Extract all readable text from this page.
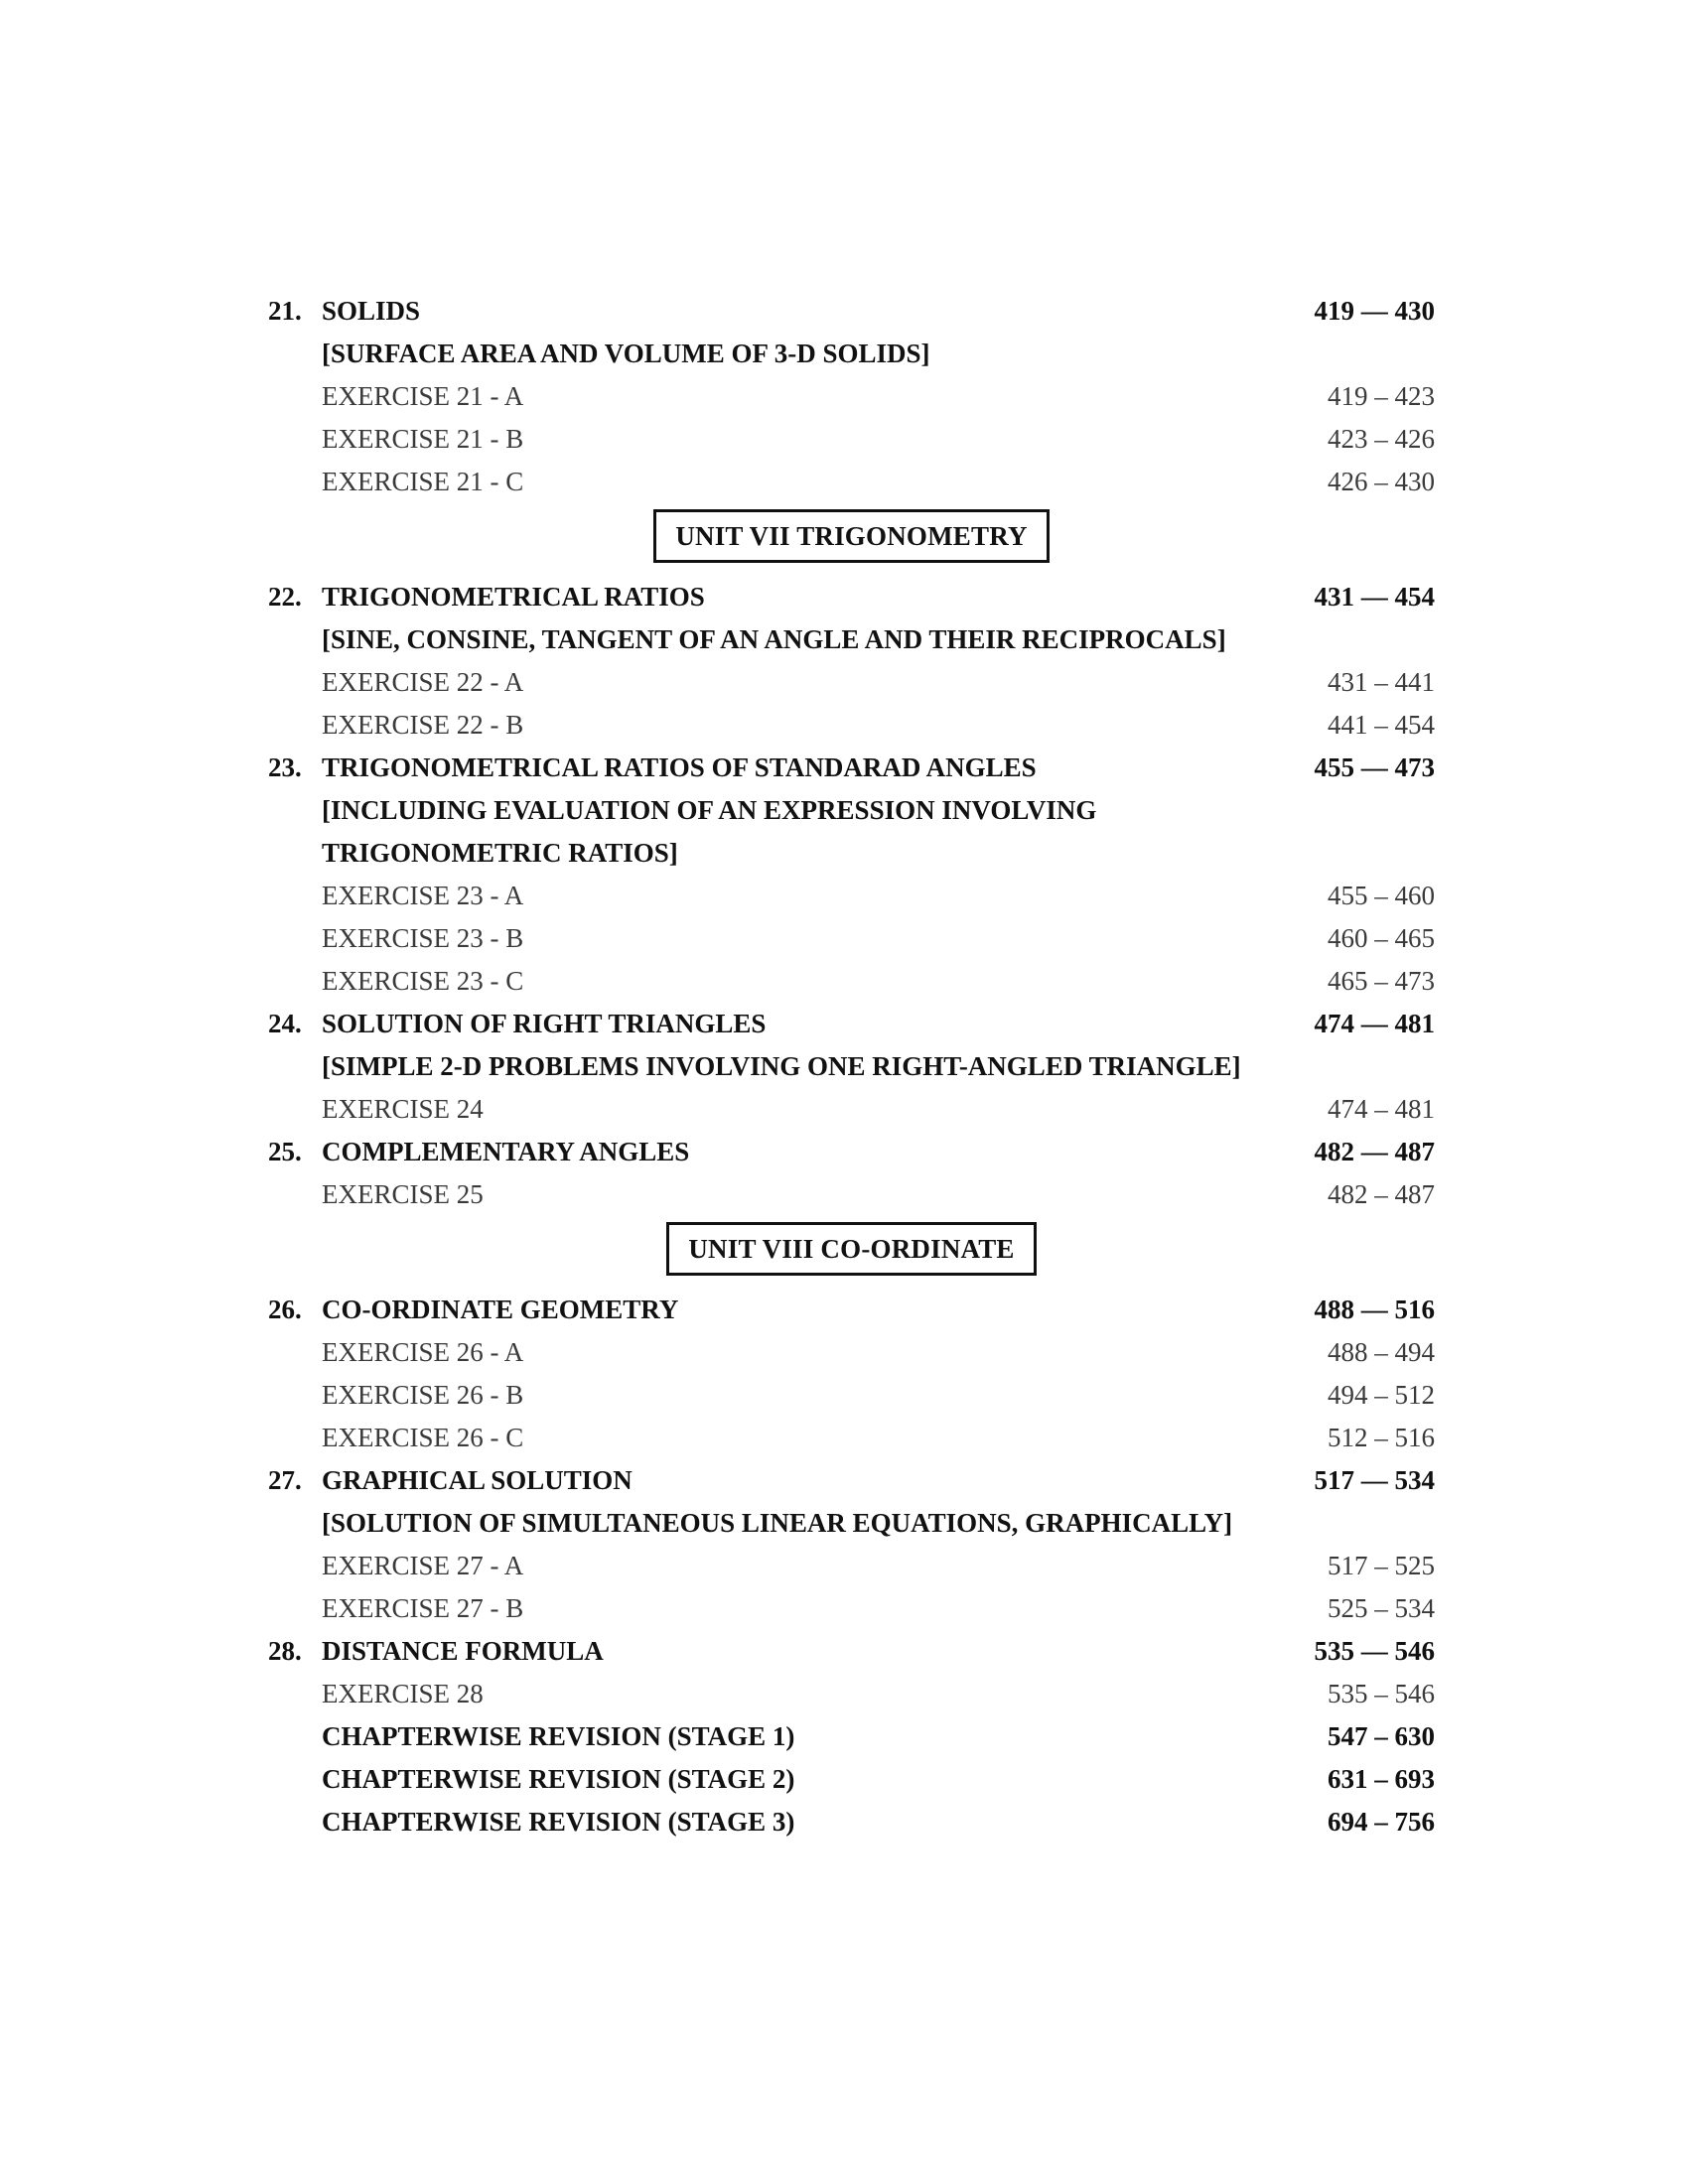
21. SOLIDS	419 — 430
[SURFACE AREA AND VOLUME OF 3-D SOLIDS]
EXERCISE 21 - A	419 – 423
EXERCISE 21 - B	423 – 426
EXERCISE 21 - C	426 – 430
UNIT VII TRIGONOMETRY
22. TRIGONOMETRICAL RATIOS	431 — 454
[SINE, CONSINE, TANGENT OF AN ANGLE AND THEIR RECIPROCALS]
EXERCISE 22 - A	431 – 441
EXERCISE 22 - B	441 – 454
23. TRIGONOMETRICAL RATIOS OF STANDARAD ANGLES	455 — 473
[INCLUDING EVALUATION OF AN EXPRESSION INVOLVING
TRIGONOMETRIC RATIOS]
EXERCISE 23 - A	455 – 460
EXERCISE 23 - B	460 – 465
EXERCISE 23 - C	465 – 473
24. SOLUTION OF RIGHT TRIANGLES	474 — 481
[SIMPLE 2-D PROBLEMS INVOLVING ONE RIGHT-ANGLED TRIANGLE]
EXERCISE 24	474 – 481
25. COMPLEMENTARY ANGLES	482 — 487
EXERCISE 25	482 – 487
UNIT VIII CO-ORDINATE
26. CO-ORDINATE GEOMETRY	488 — 516
EXERCISE 26 - A	488 – 494
EXERCISE 26 - B	494 – 512
EXERCISE 26 - C	512 – 516
27. GRAPHICAL SOLUTION	517 — 534
[SOLUTION OF SIMULTANEOUS LINEAR EQUATIONS, GRAPHICALLY]
EXERCISE 27 - A	517 – 525
EXERCISE 27 - B	525 – 534
28. DISTANCE FORMULA	535 — 546
EXERCISE 28	535 – 546
CHAPTERWISE REVISION (STAGE 1)	547 – 630
CHAPTERWISE REVISION (STAGE 2)	631 – 693
CHAPTERWISE REVISION (STAGE 3)	694 – 756
